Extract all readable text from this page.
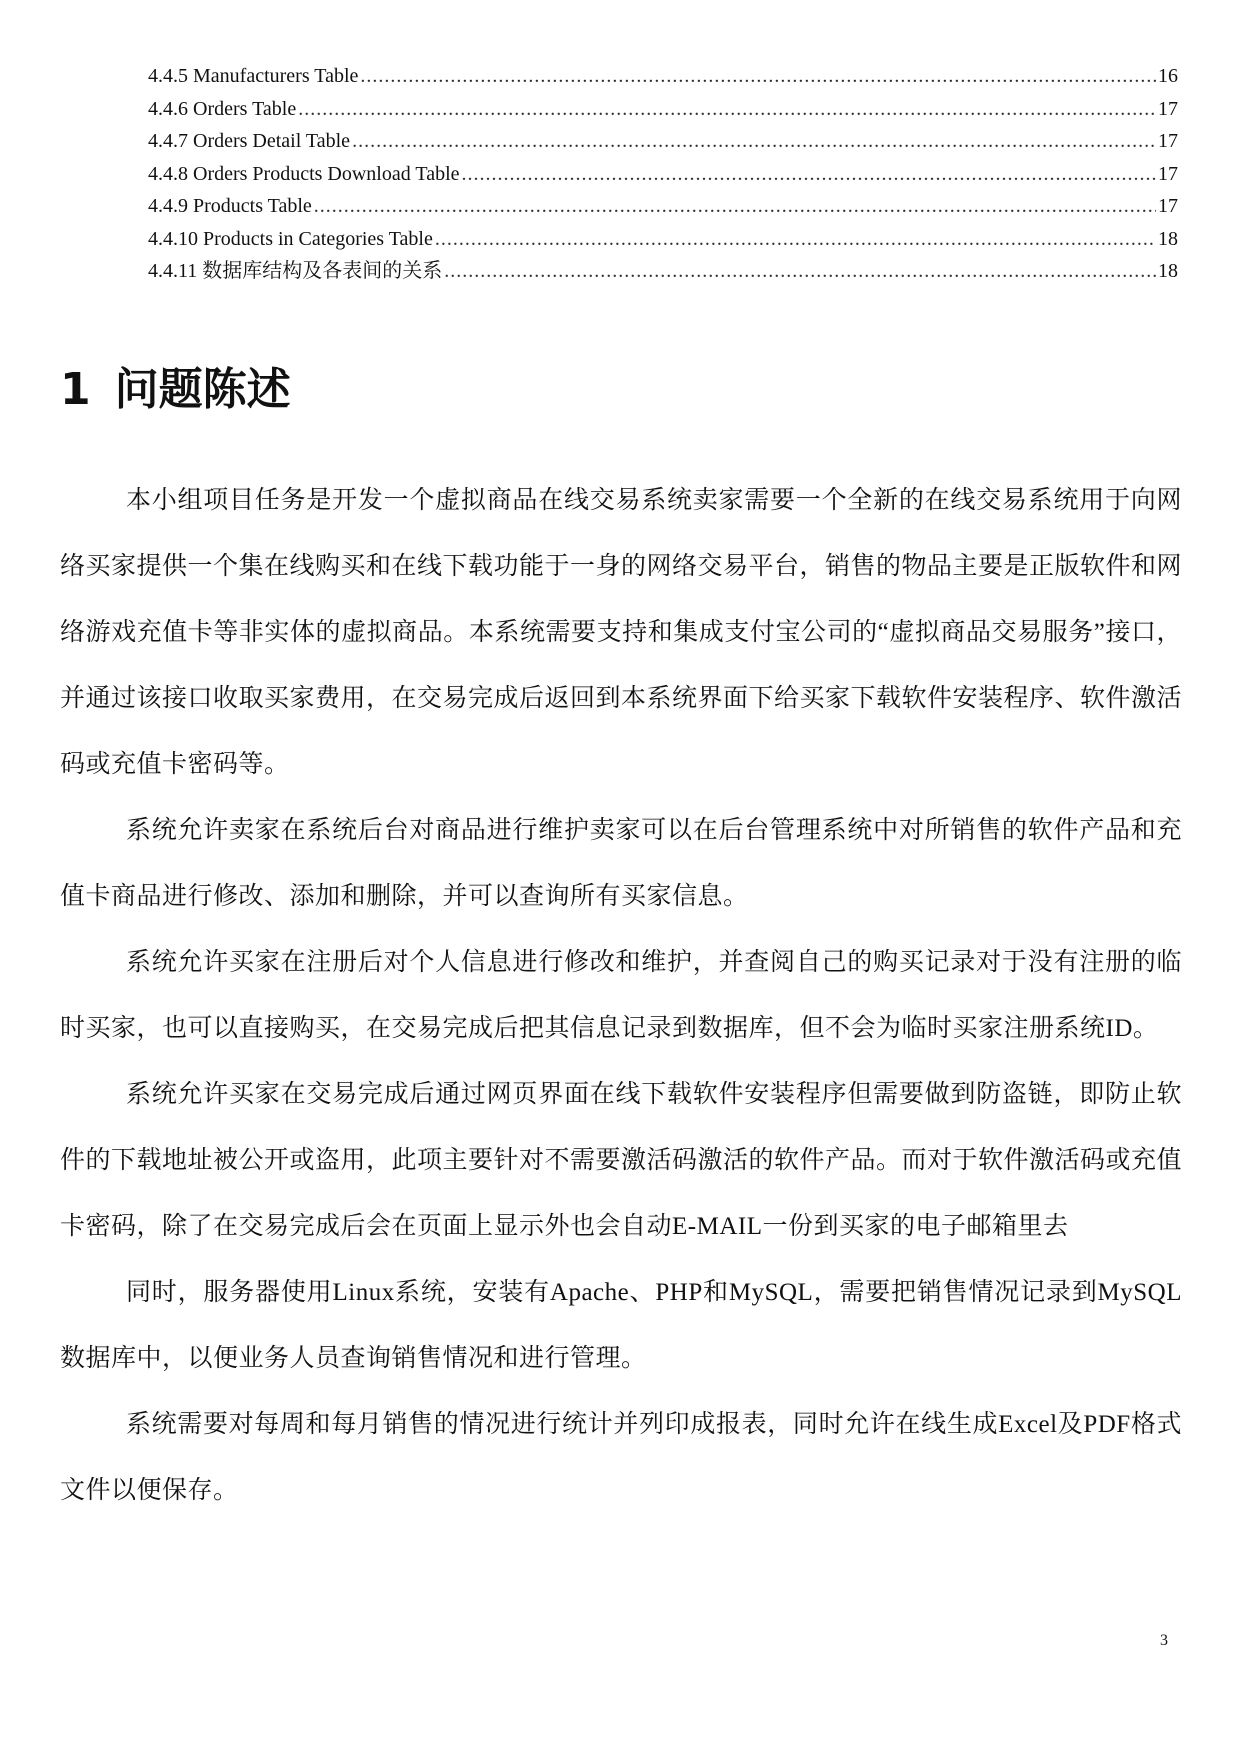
4.4.5 Manufacturers Table .....	16
4.4.6 Orders Table .....	17
4.4.7 Orders Detail Table .....	17
4.4.8 Orders Products Download Table .....	17
4.4.9 Products Table .....	17
4.4.10 Products in Categories Table .....	18
4.4.11 数据库结构及各表间的关系 .....	18
1 问题陈述

本小组项目任务是开发一个虚拟商品在线交易系统卖家需要一个全新的在线交易系统用于向网络买家提供一个集在线购买和在线下载功能于一身的网络交易平台，销售的物品主要是正版软件和网络游戏充值卡等非实体的虚拟商品。本系统需要支持和集成支付宝公司的“虚拟商品交易服务”接口，并通过该接口收取买家费用，在交易完成后返回到本系统界面下给买家下载软件安装程序、软件激活码或充值卡密码等。

系统允许卖家在系统后台对商品进行维护卖家可以在后台管理系统中对所销售的软件产品和充值卡商品进行修改、添加和删除，并可以查询所有买家信息。

系统允许买家在注册后对个人信息进行修改和维护，并查阅自己的购买记录对于没有注册的临时买家，也可以直接购买，在交易完成后把其信息记录到数据库，但不会为临时买家注册系统ID。

系统允许买家在交易完成后通过网页界面在线下载软件安装程序但需要做到防盗链，即防止软件的下载地址被公开或盗用，此项主要针对不需要激活码激活的软件产品。而对于软件激活码或充值卡密码，除了在交易完成后会在页面上显示外也会自动E-MAIL一份到买家的电子邮箱里去

同时，服务器使用Linux系统，安装有Apache、PHP和MySQL，需要把销售情况记录到MySQL数据库中，以便业务人员查询销售情况和进行管理。

系统需要对每周和每月销售的情况进行统计并列印成报表，同时允许在线生成Excel及PDF格式文件以便保存。

3
